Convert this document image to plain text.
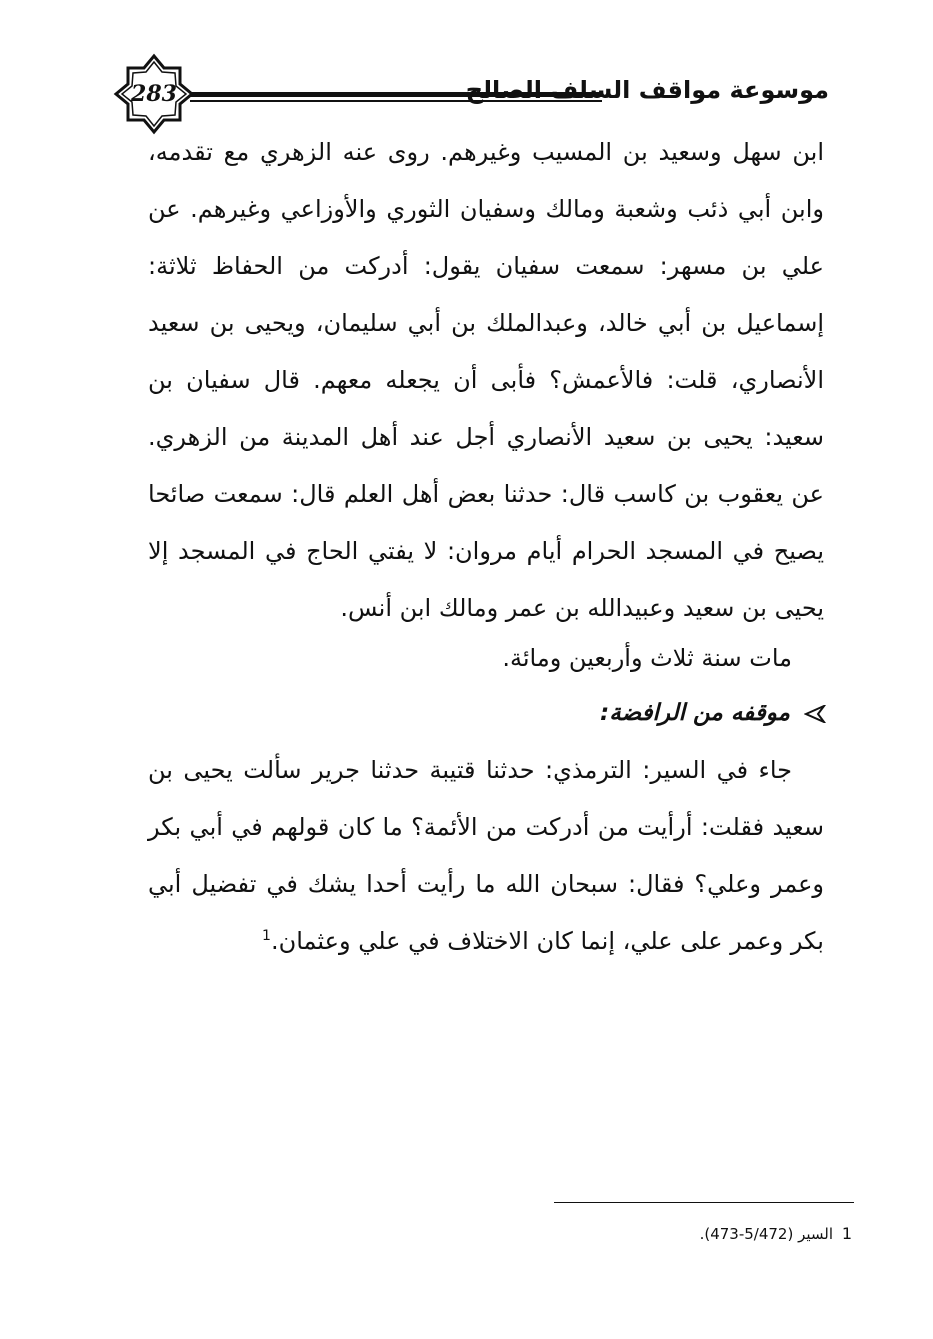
283	موسوعة مواقف السلف الصالح

ابن سهل وسعيد بن المسيب وغيرهم. روى عنه الزهري مع تقدمه، وابن أبي ذئب وشعبة ومالك وسفيان الثوري والأوزاعي وغيرهم. عن علي بن مسهر: سمعت سفيان يقول: أدركت من الحفاظ ثلاثة: إسماعيل بن أبي خالد، وعبدالملك بن أبي سليمان، ويحيى بن سعيد الأنصاري، قلت: فالأعمش؟ فأبى أن يجعله معهم. قال سفيان بن سعيد: يحيى بن سعيد الأنصاري أجل عند أهل المدينة من الزهري. عن يعقوب بن كاسب قال: حدثنا بعض أهل العلم قال: سمعت صائحا يصيح في المسجد الحرام أيام مروان: لا يفتي الحاج في المسجد إلا يحيى بن سعيد وعبيدالله بن عمر ومالك ابن أنس.

مات سنة ثلاث وأربعين ومائة.
موقفه من الرافضة:
جاء في السير: الترمذي: حدثنا قتيبة حدثنا جرير سألت يحيى بن سعيد فقلت: أرأيت من أدركت من الأئمة؟ ما كان قولهم في أبي بكر وعمر وعلي؟ فقال: سبحان الله ما رأيت أحدا يشك في تفضيل أبي بكر وعمر على علي، إنما كان الاختلاف في علي وعثمان.$^1$
1 السير (5/472-473).
